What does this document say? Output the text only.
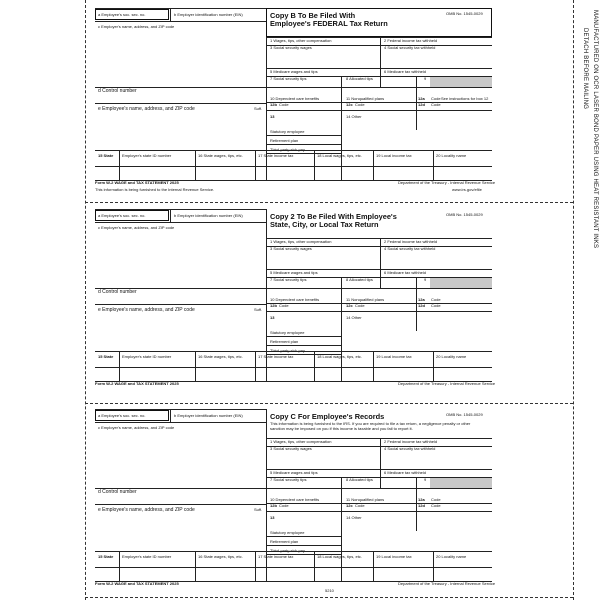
a Employee's soc. sec. no.	b Employer identification number (EIN)
c Employer's name, address, and ZIP code
Copy B To Be Filed With
Employee's FEDERAL Tax Return
OMB No. 1545-0029
1 Wages, tips, other compensation	2 Federal income tax withheld
3 Social security wages	4 Social security tax withheld
5 Medicare wages and tips	6 Medicare tax withheld
7 Social security tips	8 Allocated tips	9
d Control number
e Employee's name, address, and ZIP code	Suff.
10 Dependent care benefits	11 Nonqualified plans	12a Code See instructions for box 12
12b Code	12c Code	12d Code
13	14 Other
Statutory employee
Retirement plan
Third-party sick pay
15 State Employer's state ID number	16 State wages, tips, etc.	17 State income tax	18 Local wages, tips, etc.	19 Local income tax	20 Locality name
Form W-2 WAGE and TAX STATEMENT 2025
This information is being furnished to the Internal Revenue Service.
Department of the Treasury - Internal Revenue Service
www.irs.gov/efile
a Employee's soc. sec. no.	b Employer identification number (EIN)
c Employer's name, address, and ZIP code
Copy 2 To Be Filed With Employee's
State, City, or Local Tax Return
OMB No. 1545-0029
1 Wages, tips, other compensation	2 Federal income tax withheld
3 Social security wages	4 Social security tax withheld
5 Medicare wages and tips	6 Medicare tax withheld
7 Social security tips	8 Allocated tips	9
d Control number
e Employee's name, address, and ZIP code	Suff.
10 Dependent care benefits	11 Nonqualified plans	12a Code
12b Code	12c Code	12d Code
13	14 Other
Statutory employee
Retirement plan
Third-party sick pay
15 State Employer's state ID number	16 State wages, tips, etc.	17 State income tax	18 Local wages, tips, etc.	19 Local income tax	20 Locality name
Form W-2 WAGE and TAX STATEMENT 2025	Department of the Treasury - Internal Revenue Service
a Employee's soc. sec. no.	b Employer identification number (EIN)
c Employer's name, address, and ZIP code
Copy C For Employee's Records
This information is being furnished to the IRS. If you are required to file a tax return, a negligence penalty or other sanction may be imposed on you if this income is taxable and you fail to report it.
OMB No. 1545-0029
1 Wages, tips, other compensation	2 Federal income tax withheld
3 Social security wages	4 Social security tax withheld
5 Medicare wages and tips	6 Medicare tax withheld
7 Social security tips	8 Allocated tips	9
d Control number
e Employee's name, address, and ZIP code	Suff.
10 Dependent care benefits	11 Nonqualified plans	12a Code
12b Code	12c Code	12d Code
13	14 Other
Statutory employee
Retirement plan
Third-party sick pay
15 State Employer's state ID number	16 State wages, tips, etc.	17 State income tax	18 Local wages, tips, etc.	19 Local income tax	20 Locality name
Form W-2 WAGE and TAX STATEMENT 2025	Department of the Treasury - Internal Revenue Service
5210
DETACH BEFORE MAILING MANUFACTURED ON OCR LASER BOND PAPER USING HEAT RESISTANT INKS
